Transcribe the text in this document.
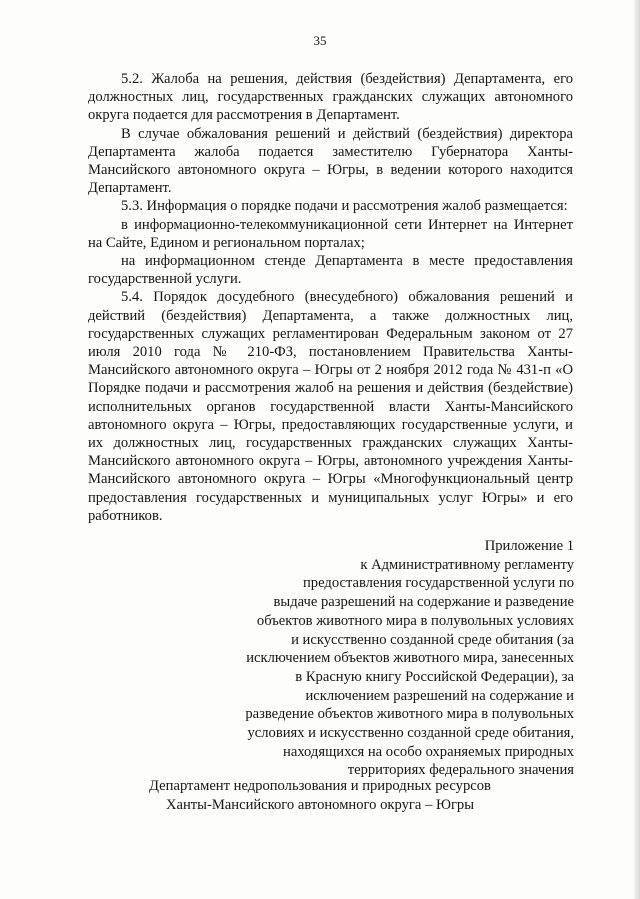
35

5.2. Жалоба на решения, действия (бездействия) Департамента, его должностных лиц, государственных гражданских служащих автономного округа подается для рассмотрения в Департамент.

В случае обжалования решений и действий (бездействия) директора Департамента жалоба подается заместителю Губернатора Ханты-Мансийского автономного округа – Югры, в ведении которого находится Департамент.

5.3. Информация о порядке подачи и рассмотрения жалоб размещается:

в информационно-телекоммуникационной сети Интернет на Интернет на Сайте, Едином и региональном порталах;

на информационном стенде Департамента в месте предоставления государственной услуги.

5.4. Порядок досудебного (внесудебного) обжалования решений и действий (бездействия) Департамента, а также должностных лиц, государственных служащих регламентирован Федеральным законом от 27 июля 2010 года № 210-ФЗ, постановлением Правительства Ханты-Мансийского автономного округа – Югры от 2 ноября 2012 года № 431-п «О Порядке подачи и рассмотрения жалоб на решения и действия (бездействие) исполнительных органов государственной власти Ханты-Мансийского автономного округа – Югры, предоставляющих государственные услуги, и их должностных лиц, государственных гражданских служащих Ханты-Мансийского автономного округа – Югры, автономного учреждения Ханты-Мансийского автономного округа – Югры «Многофункциональный центр предоставления государственных и муниципальных услуг Югры» и его работников.

Приложение 1
к Административному регламенту
предоставления государственной услуги по
выдаче разрешений на содержание и разведение
объектов животного мира в полувольных условиях
и искусственно созданной среде обитания (за
исключением объектов животного мира, занесенных
в Красную книгу Российской Федерации), за
исключением разрешений на содержание и
разведение объектов животного мира в полувольных
условиях и искусственно созданной среде обитания,
находящихся на особо охраняемых природных
территориях федерального значения
Департамент недропользования и природных ресурсов
Ханты-Мансийского автономного округа – Югры
